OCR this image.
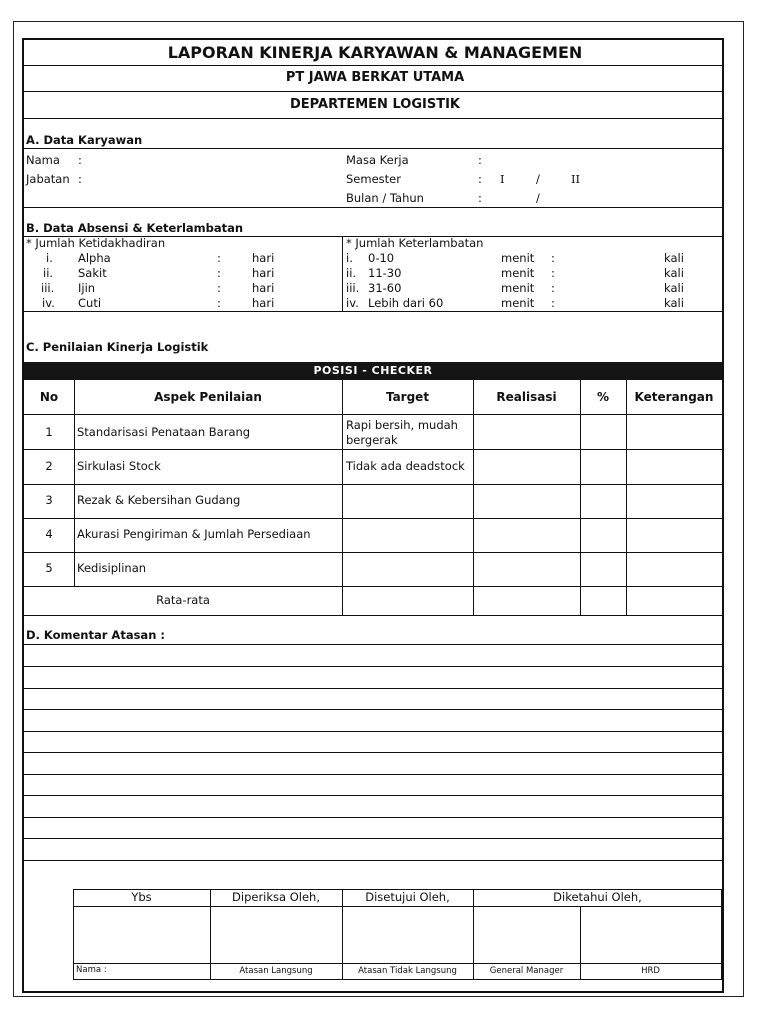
LAPORAN KINERJA KARYAWAN & MANAGEMEN
PT JAWA BERKAT UTAMA
DEPARTEMEN LOGISTIK
A. Data Karyawan
Nama :
Jabatan :
Masa Kerja	:
Semester	: I	/	II
Bulan / Tahun	:	/
B. Data Absensi & Keterlambatan
* Jumlah Ketidakhadiran	* Jumlah Keterlambatan
i. Alpha	:	hari
ii. Sakit	:	hari
iii. Ijin	:	hari
iv. Cuti	:	hari
i. 0-10	menit :	kali
ii. 11-30	menit :	kali
iii. 31-60	menit :	kali
iv. Lebih dari 60	menit :	kali
C. Penilaian Kinerja Logistik
POSISI - CHECKER
No	Aspek Penilaian	Target	Realisasi	%	Keterangan
1	Standarisasi Penataan Barang	Rapi bersih, mudah
bergerak
2	Sirkulasi Stock	Tidak ada deadstock
3	Rezak & Kebersihan Gudang
4	Akurasi Pengiriman & Jumlah Persediaan
5	Kedisiplinan
Rata-rata
D. Komentar Atasan :
Ybs	Diperiksa Oleh,	Disetujui Oleh,	Diketahui Oleh,
Nama :	Atasan Langsung	Atasan Tidak Langsung	General Manager	HRD
